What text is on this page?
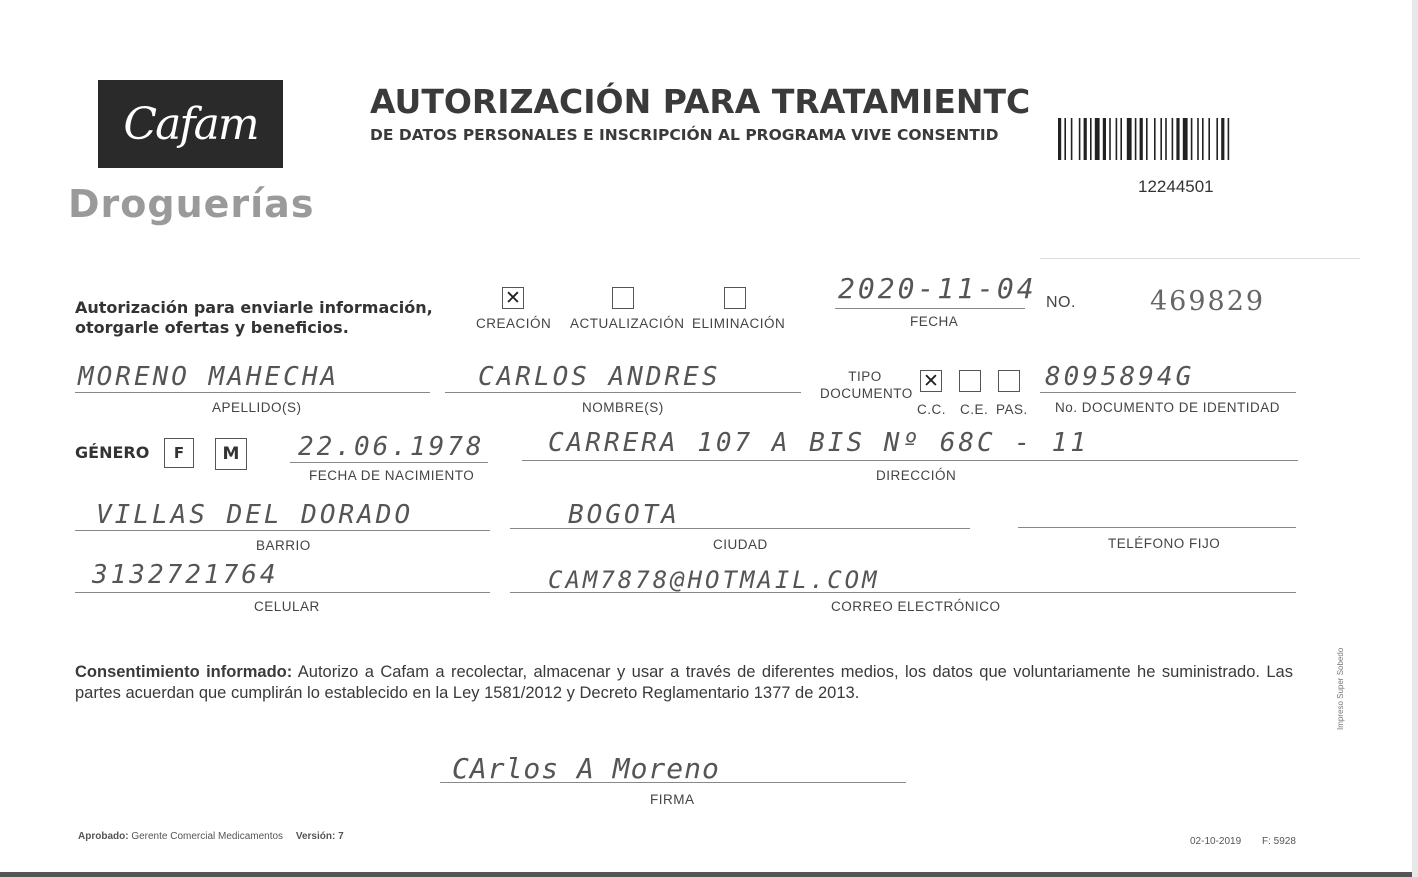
Cafam
Droguerías
AUTORIZACIÓN PARA TRATAMIENTC
DE DATOS PERSONALES E INSCRIPCIÓN AL PROGRAMA VIVE CONSENTID
12244501
Autorización para enviarle información, otorgarle ofertas y beneficios.
✕	CREACIÓN ACTUALIZACIÓN ELIMINACIÓN
2020-11-04
FECHA
NO.	469829
MORENO MAHECHA
APELLIDO(S)
CARLOS ANDRES
NOMBRE(S)
TIPO DOCUMENTO
✕
C.C. C.E. PAS.
8095894G
No. DOCUMENTO DE IDENTIDAD
GÉNERO F M 22.06.1978
FECHA DE NACIMIENTO
CARRERA 107 A BIS Nº 68C - 11
DIRECCIÓN
VILLAS DEL DORADO
BARRIO
BOGOTA
CIUDAD	TELÉFONO FIJO
3132721764
CELULAR
CAM7878@HOTMAIL.COM
CORREO ELECTRÓNICO
Consentimiento informado: Autorizo a Cafam a recolectar, almacenar y usar a través de diferentes medios, los datos que voluntariamente he suministrado. Las partes acuerdan que cumplirán lo establecido en la Ley 1581/2012 y Decreto Reglamentario 1377 de 2013.
CArlos A Moreno
FIRMA
Aprobado: Gerente Comercial Medicamentos Versión: 7	02-10-2019 F: 5928
Impreso Super Sobedo
